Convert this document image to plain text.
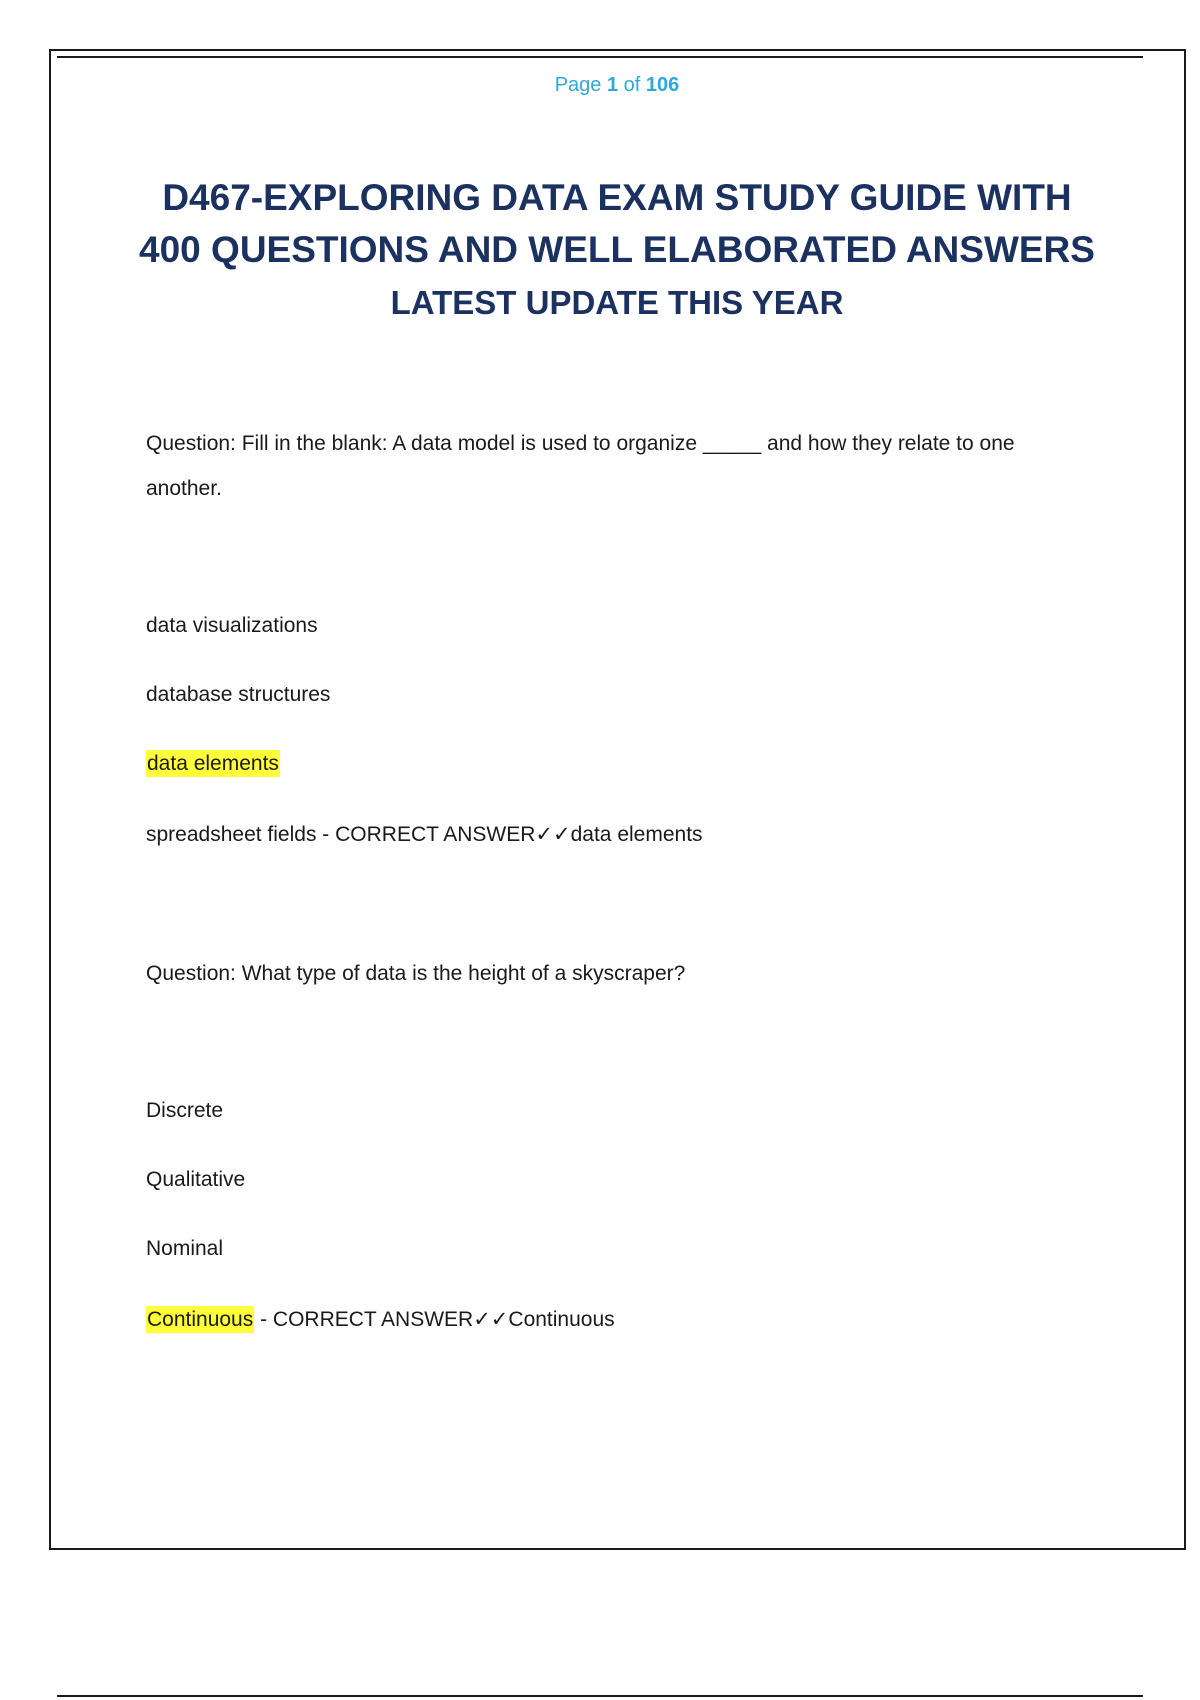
Page 1 of 106
D467-EXPLORING DATA EXAM STUDY GUIDE WITH
400 QUESTIONS AND WELL ELABORATED ANSWERS
LATEST UPDATE THIS YEAR
Question: Fill in the blank: A data model is used to organize _____ and how they relate to one
another.
data visualizations
database structures
data elements
spreadsheet fields - CORRECT ANSWER✓✓data elements
Question: What type of data is the height of a skyscraper?
Discrete
Qualitative
Nominal
Continuous - CORRECT ANSWER✓✓Continuous
